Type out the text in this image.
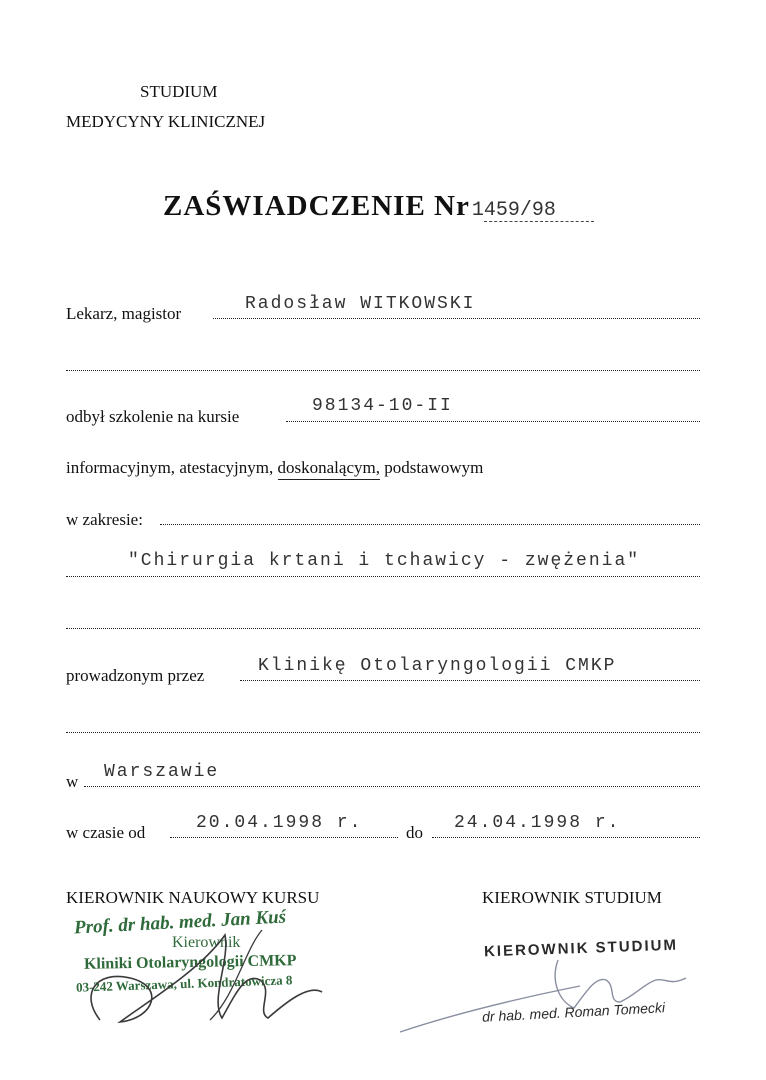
STUDIUM
MEDYCYNY KLINICZNEJ
ZAŚWIADCZENIE Nr 1459/98
Lekarz, magistor	Radosław WITKOWSKI
odbył szkolenie na kursie
98134-10-II
informacyjnym, atestacyjnym, doskonalącym, podstawowym
w zakresie:
"Chirurgia krtani i tchawicy - zwężenia"
prowadzonym przez	Klinikę Otolaryngologii CMKP
w Warszawie
w czasie od	20.04.1998 r.	do 24.04.1998 r.
KIEROWNIK NAUKOWY KURSU	KIEROWNIK STUDIUM
Prof. dr hab. med. Jan Kuś
Kierownik
Kliniki Otolaryngologii CMKP
03-242 Warszawa, ul. Kondratowicza 8
KIEROWNIK STUDIUM
dr hab. med. Roman Tomecki
